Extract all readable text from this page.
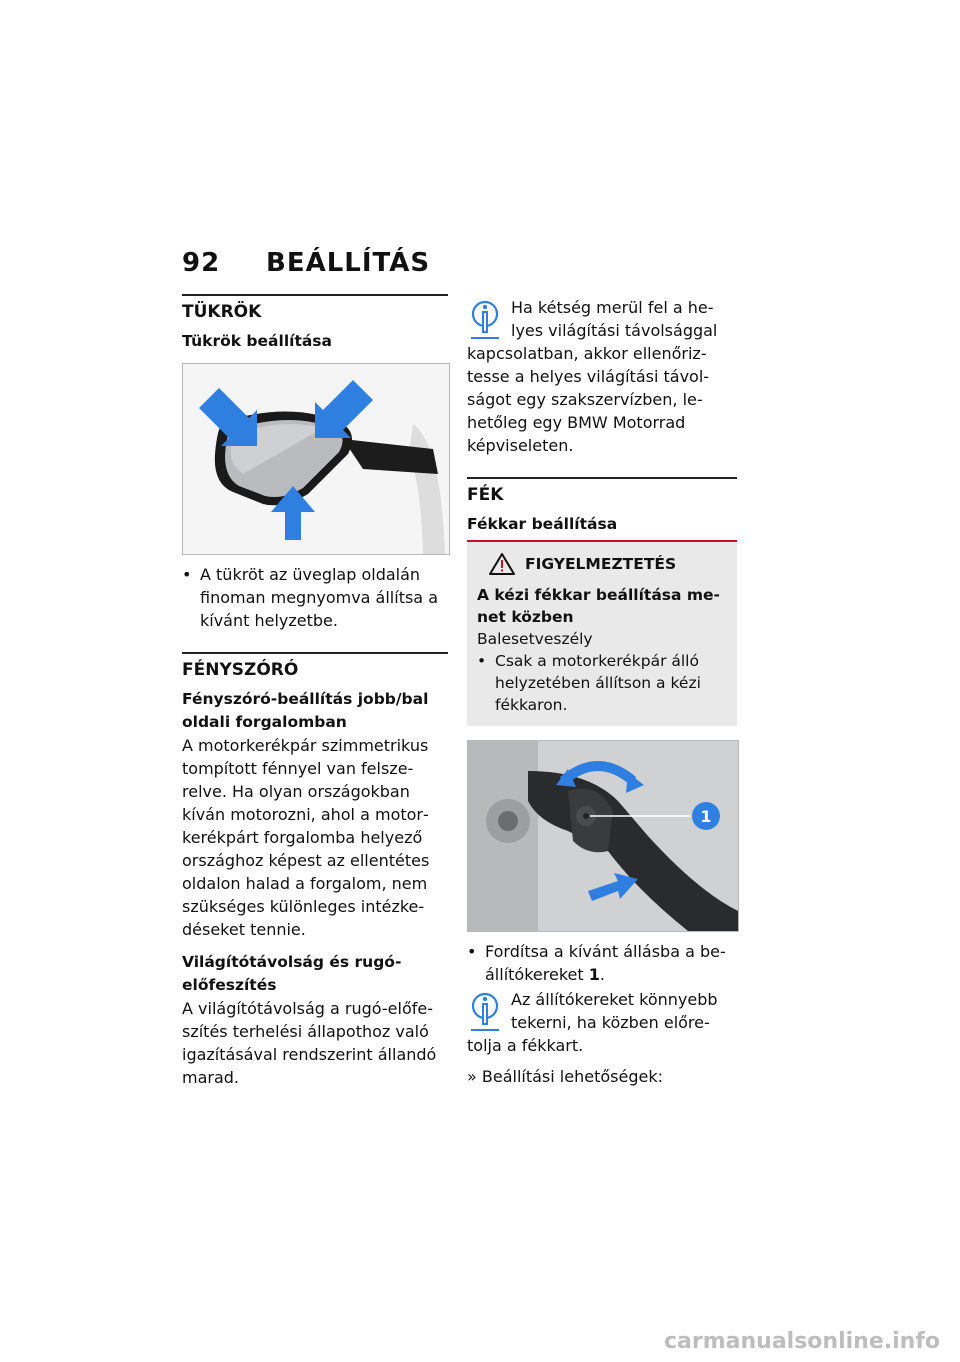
92 BEÁLLÍTÁS
TÜKRÖK
Tükrök beállítása
• A tükröt az üveglap oldalán finoman megnyomva állítsa a kívánt helyzetbe.
FÉNYSZÓRÓ
Fényszóró-beállítás jobb/bal oldali forgalomban

A motorkerékpár szimmetrikus tompított fénnyel van felszerelve. Ha olyan országokban kíván motorozni, ahol a motorkerékpárt forgalomba helyező országhoz képest az ellentétes oldalon halad a forgalom, nem szükséges különleges intézkedéseket tennie.

Világítótávolság és rugóelőfeszítés

A világítótávolság a rugó-előfeszítés terhelési állapothoz való igazításával rendszerint állandó marad.

Ha kétség merül fel a helyes világítási távolsággal kapcsolatban, akkor ellenőriztesse a helyes világítási távolságot egy szakszervízben, lehetőleg egy BMW Motorrad képviseleten.
FÉK
Fékkar beállítása
FIGYELMEZTETÉS
A kézi fékkar beállítása menet közben

Balesetveszély

• Csak a motorkerékpár álló helyzetében állítson a kézi fékkaron.
1
• Fordítsa a kívánt állásba a beállítókereket 1.
Az állítókereket könnyebb tekerni, ha közben előretolja a fékkart.
» Beállítási lehetőségek:
carmanualsonline.info
